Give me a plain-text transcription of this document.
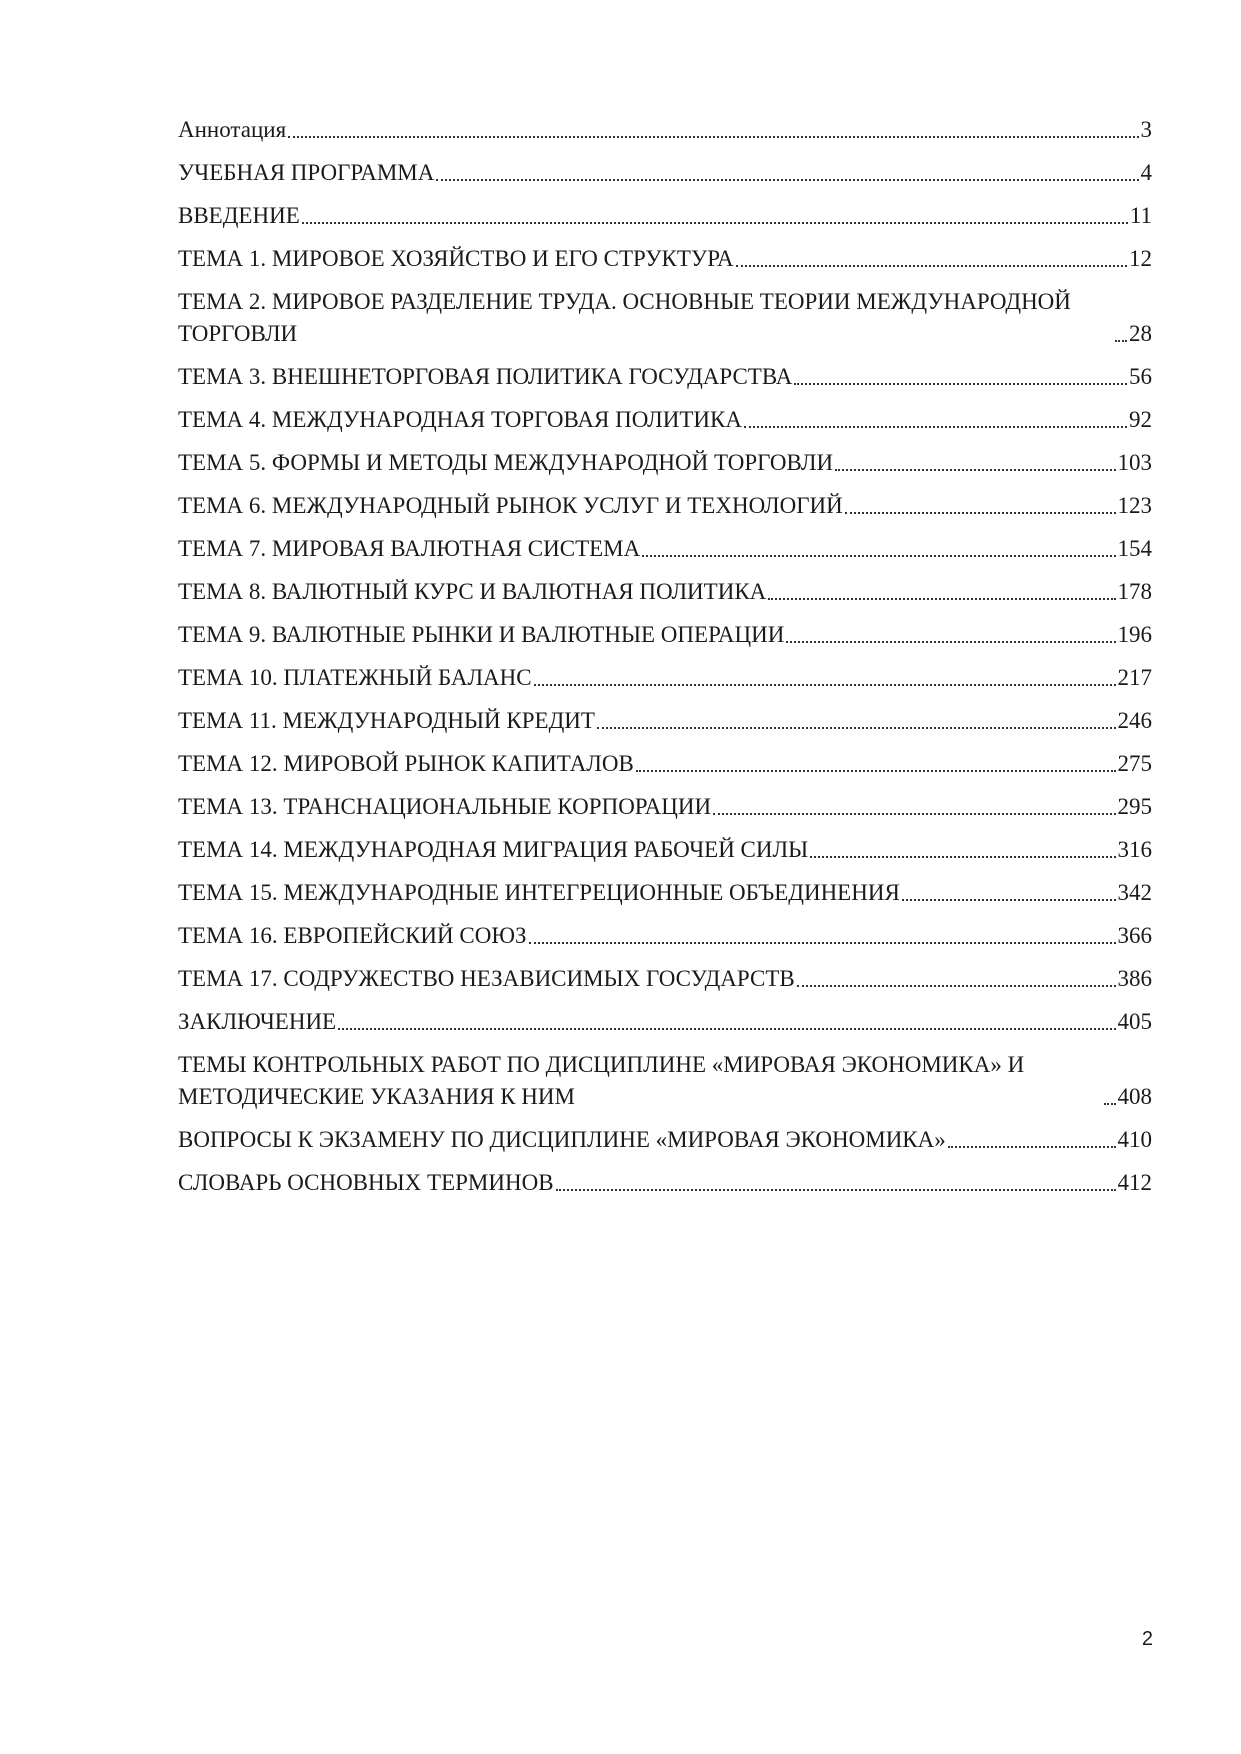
Аннотация	3
УЧЕБНАЯ ПРОГРАММА	4
ВВЕДЕНИЕ	11
ТЕМА 1. МИРОВОЕ ХОЗЯЙСТВО И ЕГО СТРУКТУРА	12
ТЕМА 2. МИРОВОЕ РАЗДЕЛЕНИЕ ТРУДА. ОСНОВНЫЕ ТЕОРИИ МЕЖДУНАРОДНОЙ ТОРГОВЛИ	28
ТЕМА 3. ВНЕШНЕТОРГОВАЯ ПОЛИТИКА ГОСУДАРСТВА	56
ТЕМА 4. МЕЖДУНАРОДНАЯ ТОРГОВАЯ ПОЛИТИКА	92
ТЕМА 5. ФОРМЫ И МЕТОДЫ МЕЖДУНАРОДНОЙ ТОРГОВЛИ	103
ТЕМА 6. МЕЖДУНАРОДНЫЙ РЫНОК УСЛУГ И ТЕХНОЛОГИЙ	123
ТЕМА 7. МИРОВАЯ ВАЛЮТНАЯ СИСТЕМА	154
ТЕМА 8. ВАЛЮТНЫЙ КУРС И ВАЛЮТНАЯ ПОЛИТИКА	178
ТЕМА 9. ВАЛЮТНЫЕ РЫНКИ И ВАЛЮТНЫЕ ОПЕРАЦИИ	196
ТЕМА 10. ПЛАТЕЖНЫЙ БАЛАНС	217
ТЕМА 11. МЕЖДУНАРОДНЫЙ КРЕДИТ	246
ТЕМА 12. МИРОВОЙ РЫНОК КАПИТАЛОВ	275
ТЕМА 13. ТРАНСНАЦИОНАЛЬНЫЕ КОРПОРАЦИИ	295
ТЕМА 14. МЕЖДУНАРОДНАЯ МИГРАЦИЯ РАБОЧЕЙ СИЛЫ	316
ТЕМА 15. МЕЖДУНАРОДНЫЕ ИНТЕГРЕЦИОННЫЕ ОБЪЕДИНЕНИЯ	342
ТЕМА 16. ЕВРОПЕЙСКИЙ СОЮЗ	366
ТЕМА 17. СОДРУЖЕСТВО НЕЗАВИСИМЫХ ГОСУДАРСТВ	386
ЗАКЛЮЧЕНИЕ	405
ТЕМЫ КОНТРОЛЬНЫХ РАБОТ ПО ДИСЦИПЛИНЕ «МИРОВАЯ ЭКОНОМИКА» И МЕТОДИЧЕСКИЕ УКАЗАНИЯ К НИМ	408
ВОПРОСЫ К ЭКЗАМЕНУ ПО ДИСЦИПЛИНЕ «МИРОВАЯ ЭКОНОМИКА»	410
СЛОВАРЬ ОСНОВНЫХ ТЕРМИНОВ	412
2
